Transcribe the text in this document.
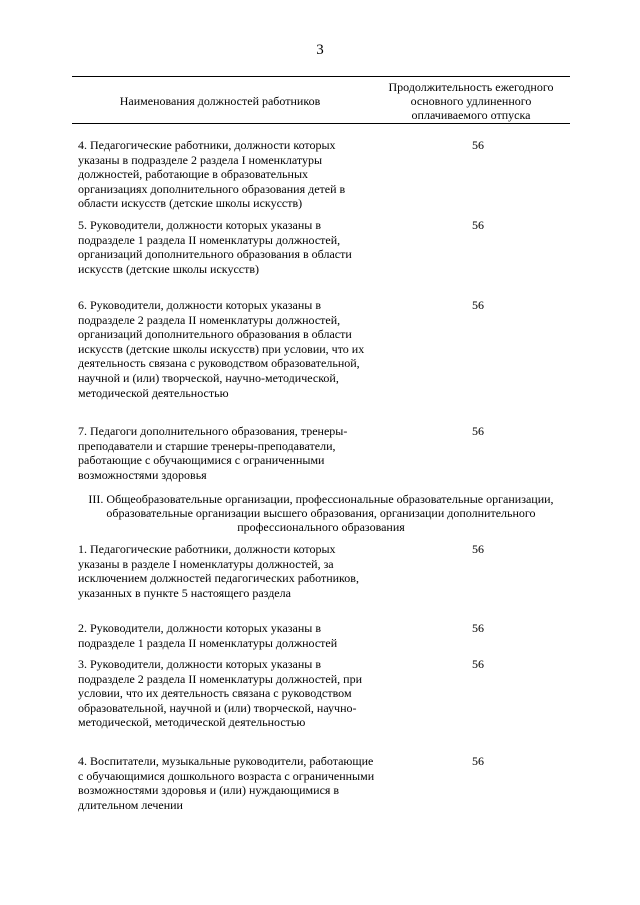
3
Наименования должностей работников
Продолжительность ежегодного основного удлиненного оплачиваемого отпуска
4. Педагогические работники, должности которых указаны в подразделе 2 раздела I номенклатуры должностей, работающие в образовательных организациях дополнительного образования детей в области искусств (детские школы искусств)
56
5. Руководители, должности которых указаны в подразделе 1 раздела II номенклатуры должностей, организаций дополнительного образования в области искусств (детские школы искусств)
56
6. Руководители, должности которых указаны в подразделе 2 раздела II номенклатуры должностей, организаций дополнительного образования в области искусств (детские школы искусств) при условии, что их деятельность связана с руководством образовательной, научной и (или) творческой, научно-методической, методической деятельностью
56
7. Педагоги дополнительного образования, тренеры-преподаватели и старшие тренеры-преподаватели, работающие с обучающимися с ограниченными возможностями здоровья
56
III. Общеобразовательные организации, профессиональные образовательные организации, образовательные организации высшего образования, организации дополнительного профессионального образования
1. Педагогические работники, должности которых указаны в разделе I номенклатуры должностей, за исключением должностей педагогических работников, указанных в пункте 5 настоящего раздела
56
2. Руководители, должности которых указаны в подразделе 1 раздела II номенклатуры должностей
56
3. Руководители, должности которых указаны в подразделе 2 раздела II номенклатуры должностей, при условии, что их деятельность связана с руководством образовательной, научной и (или) творческой, научно-методической, методической деятельностью
56
4. Воспитатели, музыкальные руководители, работающие с обучающимися дошкольного возраста с ограниченными возможностями здоровья и (или) нуждающимися в длительном лечении
56
